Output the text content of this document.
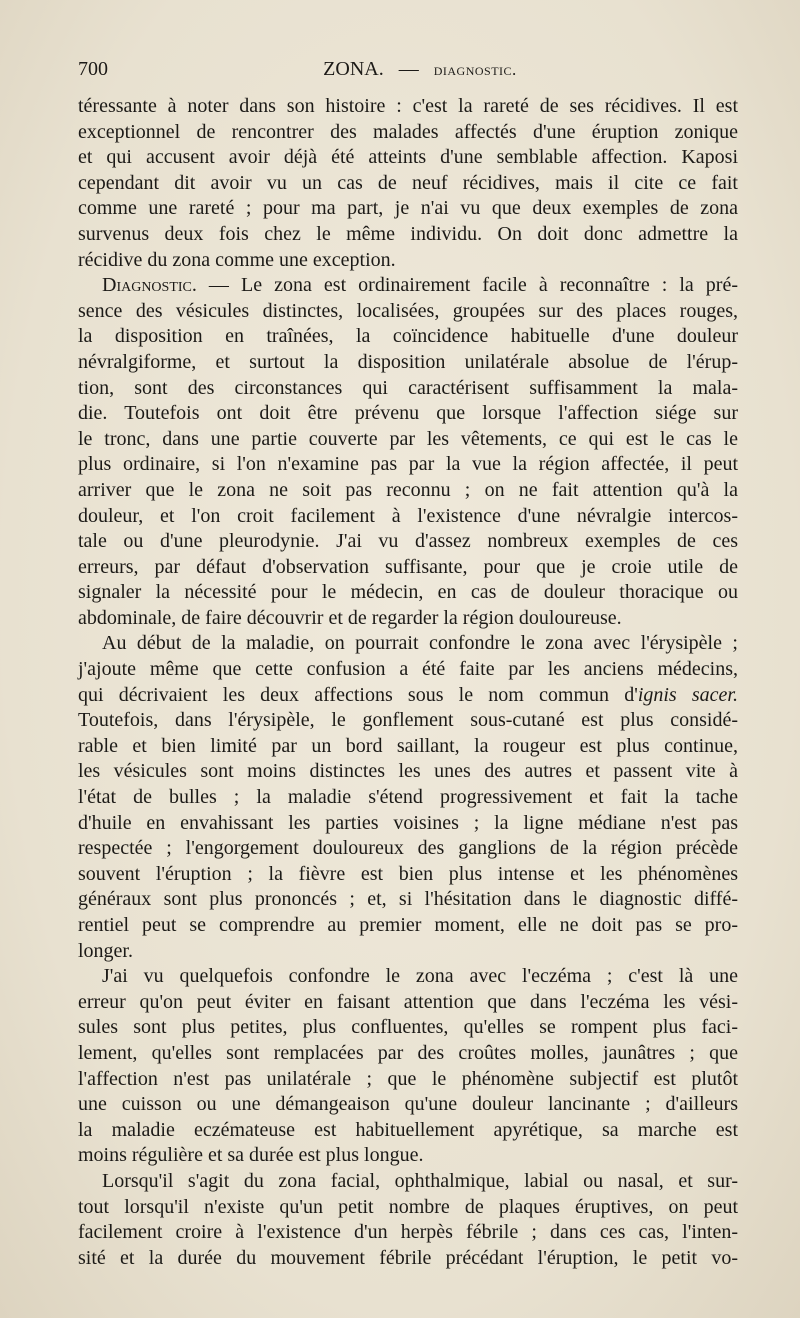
700	ZONA. — diagnostic.
téressante à noter dans son histoire : c'est la rareté de ses récidives. Il est
exceptionnel de rencontrer des malades affectés d'une éruption zonique
et qui accusent avoir déjà été atteints d'une semblable affection. Kaposi
cependant dit avoir vu un cas de neuf récidives, mais il cite ce fait
comme une rareté ; pour ma part, je n'ai vu que deux exemples de zona
survenus deux fois chez le même individu. On doit donc admettre la
récidive du zona comme une exception.
Diagnostic. — Le zona est ordinairement facile à reconnaître : la pré-
sence des vésicules distinctes, localisées, groupées sur des places rouges,
la disposition en traînées, la coïncidence habituelle d'une douleur
névralgiforme, et surtout la disposition unilatérale absolue de l'érup-
tion, sont des circonstances qui caractérisent suffisamment la mala-
die. Toutefois ont doit être prévenu que lorsque l'affection siége sur
le tronc, dans une partie couverte par les vêtements, ce qui est le cas le
plus ordinaire, si l'on n'examine pas par la vue la région affectée, il peut
arriver que le zona ne soit pas reconnu ; on ne fait attention qu'à la
douleur, et l'on croit facilement à l'existence d'une névralgie intercos-
tale ou d'une pleurodynie. J'ai vu d'assez nombreux exemples de ces
erreurs, par défaut d'observation suffisante, pour que je croie utile de
signaler la nécessité pour le médecin, en cas de douleur thoracique ou
abdominale, de faire découvrir et de regarder la région douloureuse.
Au début de la maladie, on pourrait confondre le zona avec l'érysipèle ;
j'ajoute même que cette confusion a été faite par les anciens médecins,
qui décrivaient les deux affections sous le nom commun d'ignis sacer.
Toutefois, dans l'érysipèle, le gonflement sous-cutané est plus considé-
rable et bien limité par un bord saillant, la rougeur est plus continue,
les vésicules sont moins distinctes les unes des autres et passent vite à
l'état de bulles ; la maladie s'étend progressivement et fait la tache
d'huile en envahissant les parties voisines ; la ligne médiane n'est pas
respectée ; l'engorgement douloureux des ganglions de la région précède
souvent l'éruption ; la fièvre est bien plus intense et les phénomènes
généraux sont plus prononcés ; et, si l'hésitation dans le diagnostic diffé-
rentiel peut se comprendre au premier moment, elle ne doit pas se pro-
longer.
J'ai vu quelquefois confondre le zona avec l'eczéma ; c'est là une
erreur qu'on peut éviter en faisant attention que dans l'eczéma les vési-
sules sont plus petites, plus confluentes, qu'elles se rompent plus faci-
lement, qu'elles sont remplacées par des croûtes molles, jaunâtres ; que
l'affection n'est pas unilatérale ; que le phénomène subjectif est plutôt
une cuisson ou une démangeaison qu'une douleur lancinante ; d'ailleurs
la maladie eczémateuse est habituellement apyrétique, sa marche est
moins régulière et sa durée est plus longue.
Lorsqu'il s'agit du zona facial, ophthalmique, labial ou nasal, et sur-
tout lorsqu'il n'existe qu'un petit nombre de plaques éruptives, on peut
facilement croire à l'existence d'un herpès fébrile ; dans ces cas, l'inten-
sité et la durée du mouvement fébrile précédant l'éruption, le petit vo-
